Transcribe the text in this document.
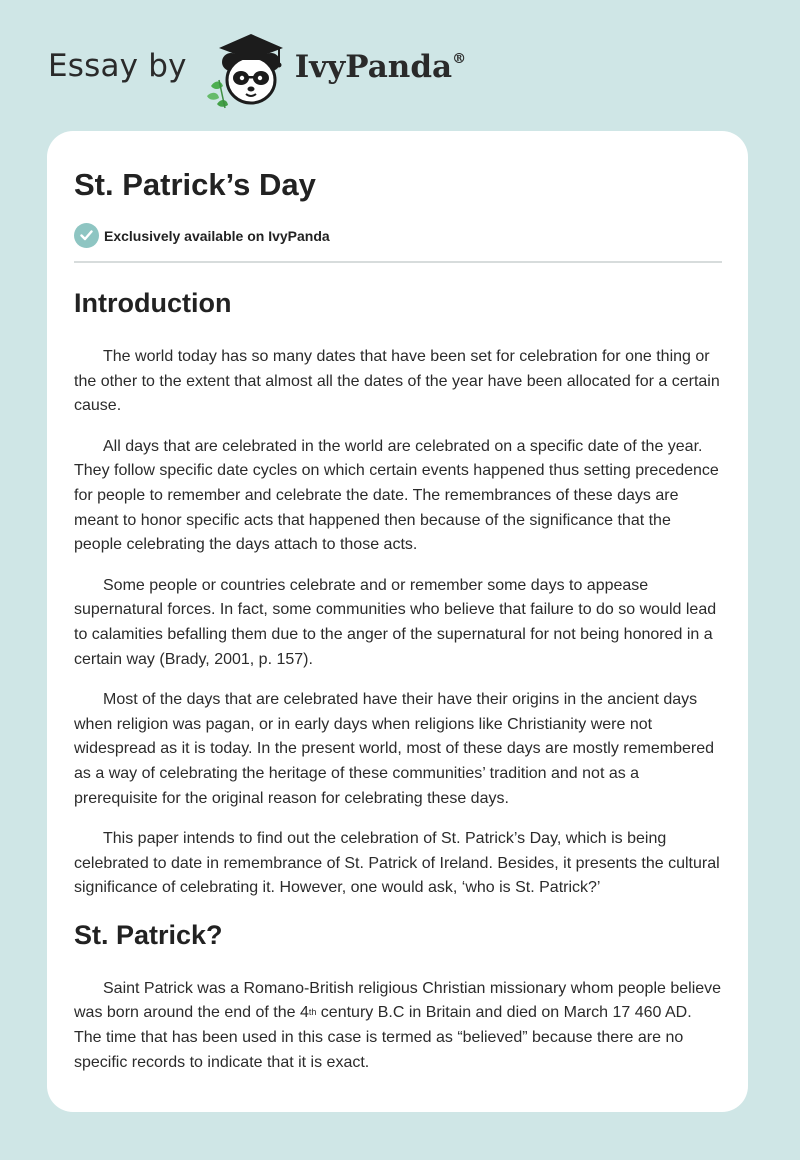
Essay by	IvyPanda®
St. Patrick’s Day
Exclusively available on IvyPanda
Introduction

The world today has so many dates that have been set for celebration for one thing or the other to the extent that almost all the dates of the year have been allocated for a certain cause.

All days that are celebrated in the world are celebrated on a specific date of the year. They follow specific date cycles on which certain events happened thus setting precedence for people to remember and celebrate the date. The remembrances of these days are meant to honor specific acts that happened then because of the significance that the people celebrating the days attach to those acts.

Some people or countries celebrate and or remember some days to appease supernatural forces. In fact, some communities who believe that failure to do so would lead to calamities befalling them due to the anger of the supernatural for not being honored in a certain way (Brady, 2001, p. 157).

Most of the days that are celebrated have their have their origins in the ancient days when religion was pagan, or in early days when religions like Christianity were not widespread as it is today. In the present world, most of these days are mostly remembered as a way of celebrating the heritage of these communities’ tradition and not as a prerequisite for the original reason for celebrating these days.

This paper intends to find out the celebration of St. Patrick’s Day, which is being celebrated to date in remembrance of St. Patrick of Ireland. Besides, it presents the cultural significance of celebrating it. However, one would ask, ‘who is St. Patrick?’

St. Patrick?

Saint Patrick was a Romano-British religious Christian missionary whom people believe was born around the end of the 4th century B.C in Britain and died on March 17 460 AD. The time that has been used in this case is termed as “believed” because there are no specific records to indicate that it is exact.
